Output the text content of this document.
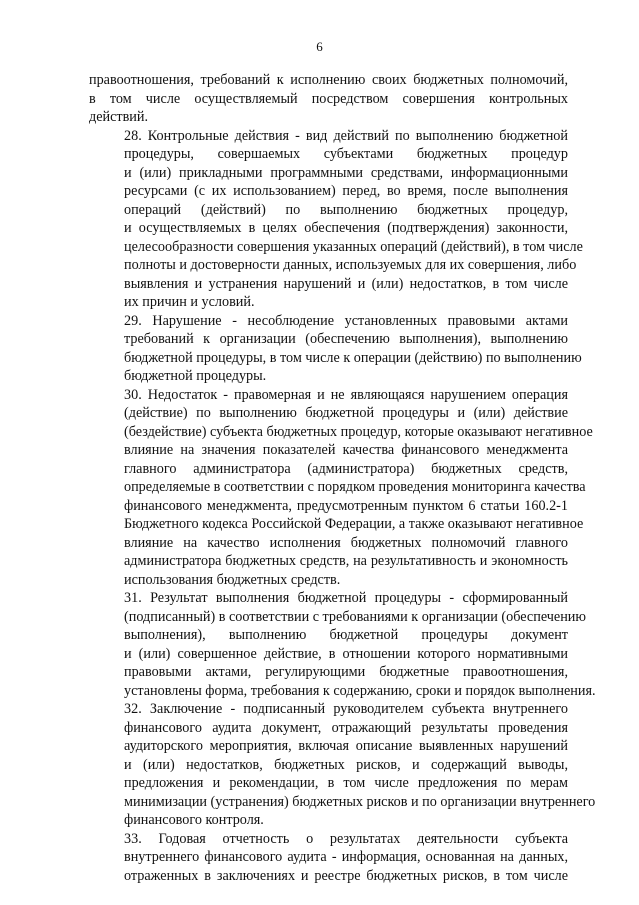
6

правоотношения, требований к исполнению своих бюджетных полномочий,
в том числе осуществляемый посредством совершения контрольных
действий.

28. Контрольные действия - вид действий по выполнению бюджетной
процедуры, совершаемых субъектами бюджетных процедур
и (или) прикладными программными средствами, информационными
ресурсами (с их использованием) перед, во время, после выполнения
операций (действий) по выполнению бюджетных процедур,
и осуществляемых в целях обеспечения (подтверждения) законности,
целесообразности совершения указанных операций (действий), в том числе
полноты и достоверности данных, используемых для их совершения, либо
выявления и устранения нарушений и (или) недостатков, в том числе
их причин и условий.

29. Нарушение - несоблюдение установленных правовыми актами
требований к организации (обеспечению выполнения), выполнению
бюджетной процедуры, в том числе к операции (действию) по выполнению
бюджетной процедуры.

30. Недостаток - правомерная и не являющаяся нарушением операция
(действие) по выполнению бюджетной процедуры и (или) действие
(бездействие) субъекта бюджетных процедур, которые оказывают негативное
влияние на значения показателей качества финансового менеджмента
главного администратора (администратора) бюджетных средств,
определяемые в соответствии с порядком проведения мониторинга качества
финансового менеджмента, предусмотренным пунктом 6 статьи 160.2-1
Бюджетного кодекса Российской Федерации, а также оказывают негативное
влияние на качество исполнения бюджетных полномочий главного
администратора бюджетных средств, на результативность и экономность
использования бюджетных средств.

31. Результат выполнения бюджетной процедуры - сформированный
(подписанный) в соответствии с требованиями к организации (обеспечению
выполнения), выполнению бюджетной процедуры документ
и (или) совершенное действие, в отношении которого нормативными
правовыми актами, регулирующими бюджетные правоотношения,
установлены форма, требования к содержанию, сроки и порядок выполнения.

32. Заключение - подписанный руководителем субъекта внутреннего
финансового аудита документ, отражающий результаты проведения
аудиторского мероприятия, включая описание выявленных нарушений
и (или) недостатков, бюджетных рисков, и содержащий выводы,
предложения и рекомендации, в том числе предложения по мерам
минимизации (устранения) бюджетных рисков и по организации внутреннего
финансового контроля.

33. Годовая отчетность о результатах деятельности субъекта
внутреннего финансового аудита - информация, основанная на данных,
отраженных в заключениях и реестре бюджетных рисков, в том числе
